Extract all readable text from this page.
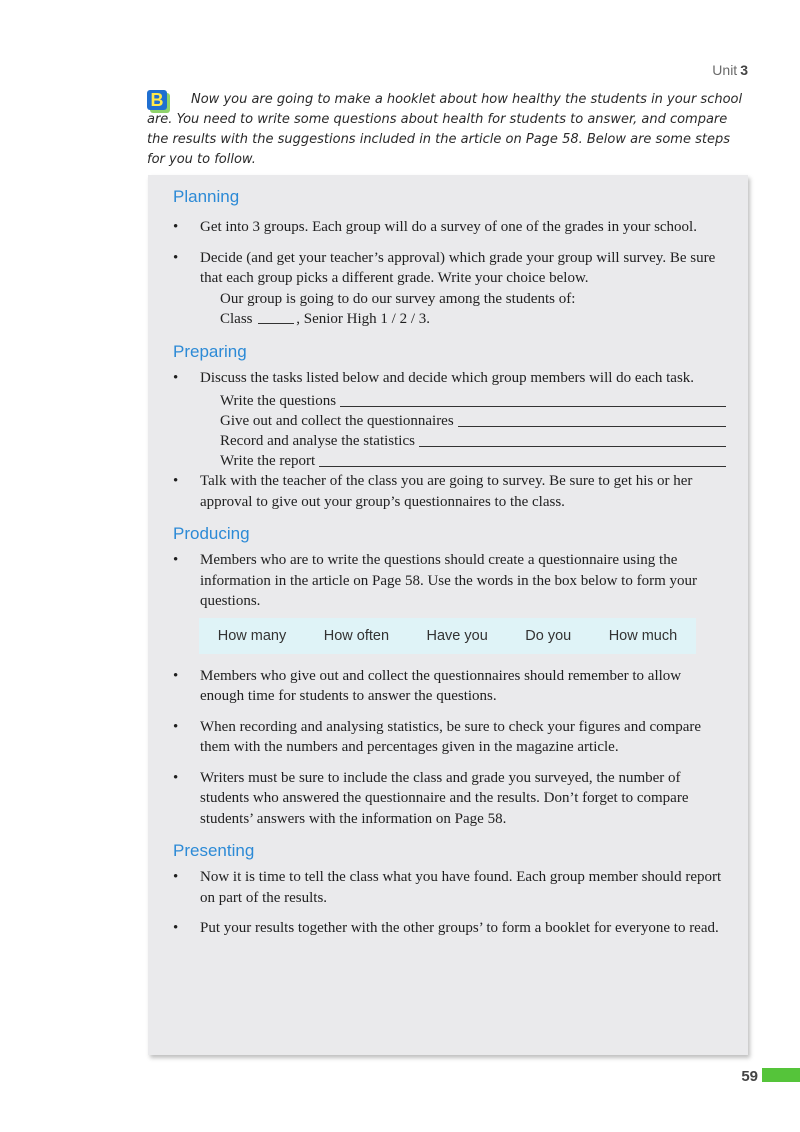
Unit 3

B Now you are going to make a hooklet about how healthy the students in your school are. You need to write some questions about health for students to answer, and compare the results with the suggestions included in the article on Page 58. Below are some steps for you to follow.

Planning

• Get into 3 groups. Each group will do a survey of one of the grades in your school.

• Decide (and get your teacher’s approval) which grade your group will survey. Be sure that each group picks a different grade. Write your choice below.

Our group is going to do our survey among the students of:

Class	, Senior High 1 / 2 / 3.

Preparing

• Discuss the tasks listed below and decide which group members will do each task.

Write the questions
Give out and collect the questionnaires
Record and analyse the statistics
Write the report

• Talk with the teacher of the class you are going to survey. Be sure to get his or her approval to give out your group’s questionnaires to the class.

Producing

• Members who are to write the questions should create a questionnaire using the information in the article on Page 58. Use the words in the box below to form your questions.

How many	How often	Have you	Do you	How much

• Members who give out and collect the questionnaires should remember to allow enough time for students to answer the questions.

• When recording and analysing statistics, be sure to check your figures and compare them with the numbers and percentages given in the magazine article.

• Writers must be sure to include the class and grade you surveyed, the number of students who answered the questionnaire and the results. Don’t forget to compare students’ answers with the information on Page 58.

Presenting

• Now it is time to tell the class what you have found. Each group member should report on part of the results.

• Put your results together with the other groups’ to form a booklet for everyone to read.

59
